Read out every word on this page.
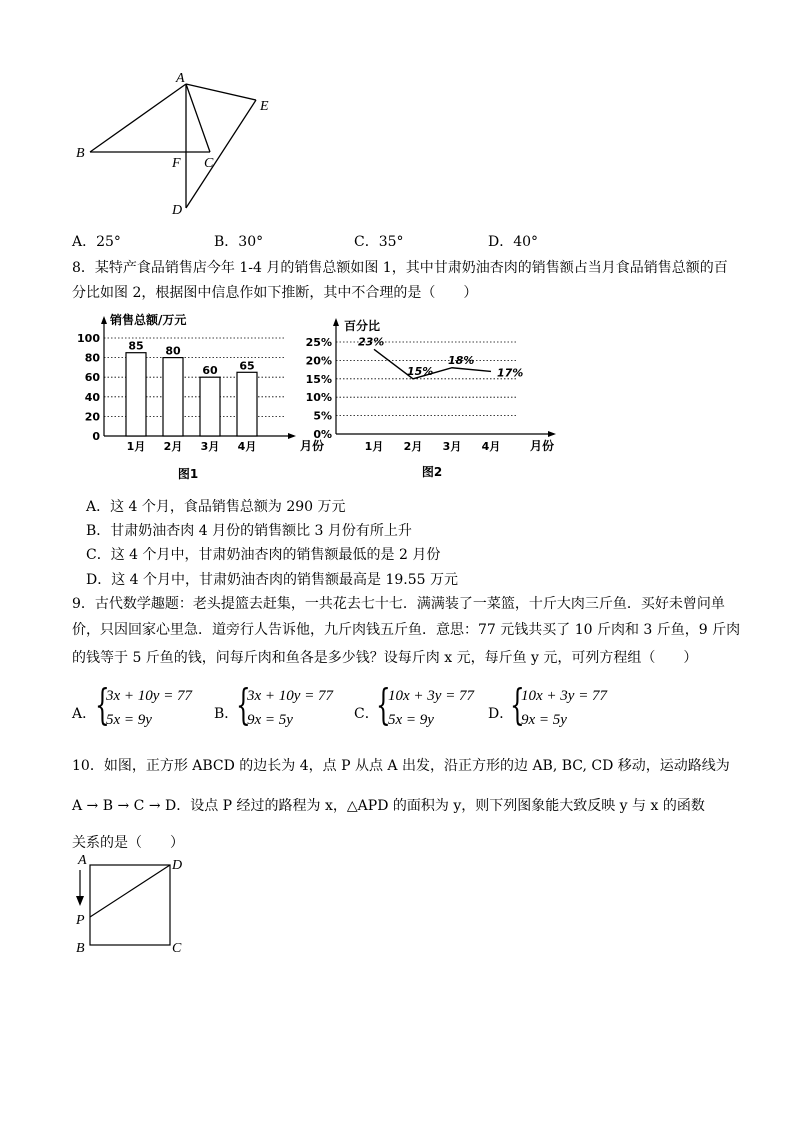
A
B
C
F
D
E
A．25°	B．30°	C．35°	D．40°
8．某特产食品销售店今年 1-4 月的销售总额如图 1，其中甘肃奶油杏肉的销售额占当月食品销售总额的百
分比如图 2，根据图中信息作如下推断，其中不合理的是（　　）
0
20
40
60
80
100
销售总额/万元
月份
85
1月
80
2月
60
3月
65
4月
图1
0%
5%
10%
15%
20%
25%
百分比
月份
23%
1月
15%
2月
18%
3月
17%
4月
图2
A．这 4 个月，食品销售总额为 290 万元
B．甘肃奶油杏肉 4 月份的销售额比 3 月份有所上升
C．这 4 个月中，甘肃奶油杏肉的销售额最低的是 2 月份
D．这 4 个月中，甘肃奶油杏肉的销售额最高是 19.55 万元
9．古代数学趣题：老头提篮去赶集，一共花去七十七．满满装了一菜篮，十斤大肉三斤鱼．买好未曾问单
价，只因回家心里急．道旁行人告诉他，九斤肉钱五斤鱼．意思：77 元钱共买了 10 斤肉和 3 斤鱼，9 斤肉
的钱等于 5 斤鱼的钱，问每斤肉和鱼各是多少钱？设每斤肉 x 元，每斤鱼 y 元，可列方程组（　　）
A．
{
3x + 10y = 77
5x = 9y	B．
{
3x + 10y = 77
9x = 5y	C．
{
10x + 3y = 77
5x = 9y	D．
{
10x + 3y = 77
9x = 5y
10．如图，正方形 ABCD 的边长为 4，点 P 从点 A 出发，沿正方形的边 AB, BC, CD 移动，运动路线为
A → B → C → D．设点 P 经过的路程为 x，△APD 的面积为 y，则下列图象能大致反映 y 与 x 的函数
关系的是（　　）
A	D
P
B	C
